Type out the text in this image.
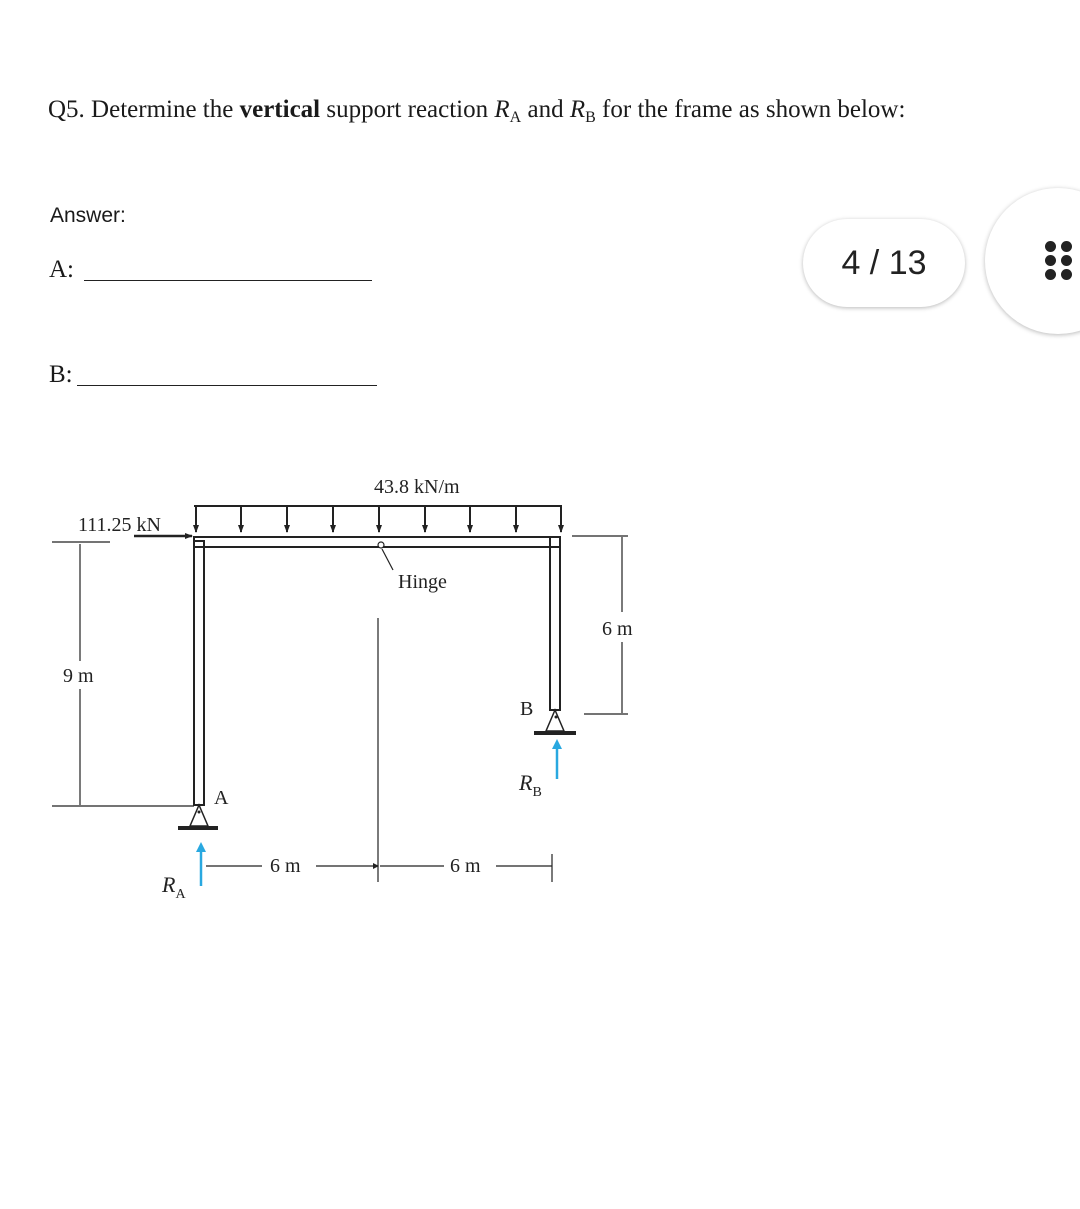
Q5. Determine the vertical support reaction $R_A$ and $R_B$ for the frame as shown below:
Answer:
A:
B:
4 / 13
43.8 kN/m
111.25 kN
Hinge
9 m
6 m
6 m	6 m
A
$R_A$
B
$R_B$
